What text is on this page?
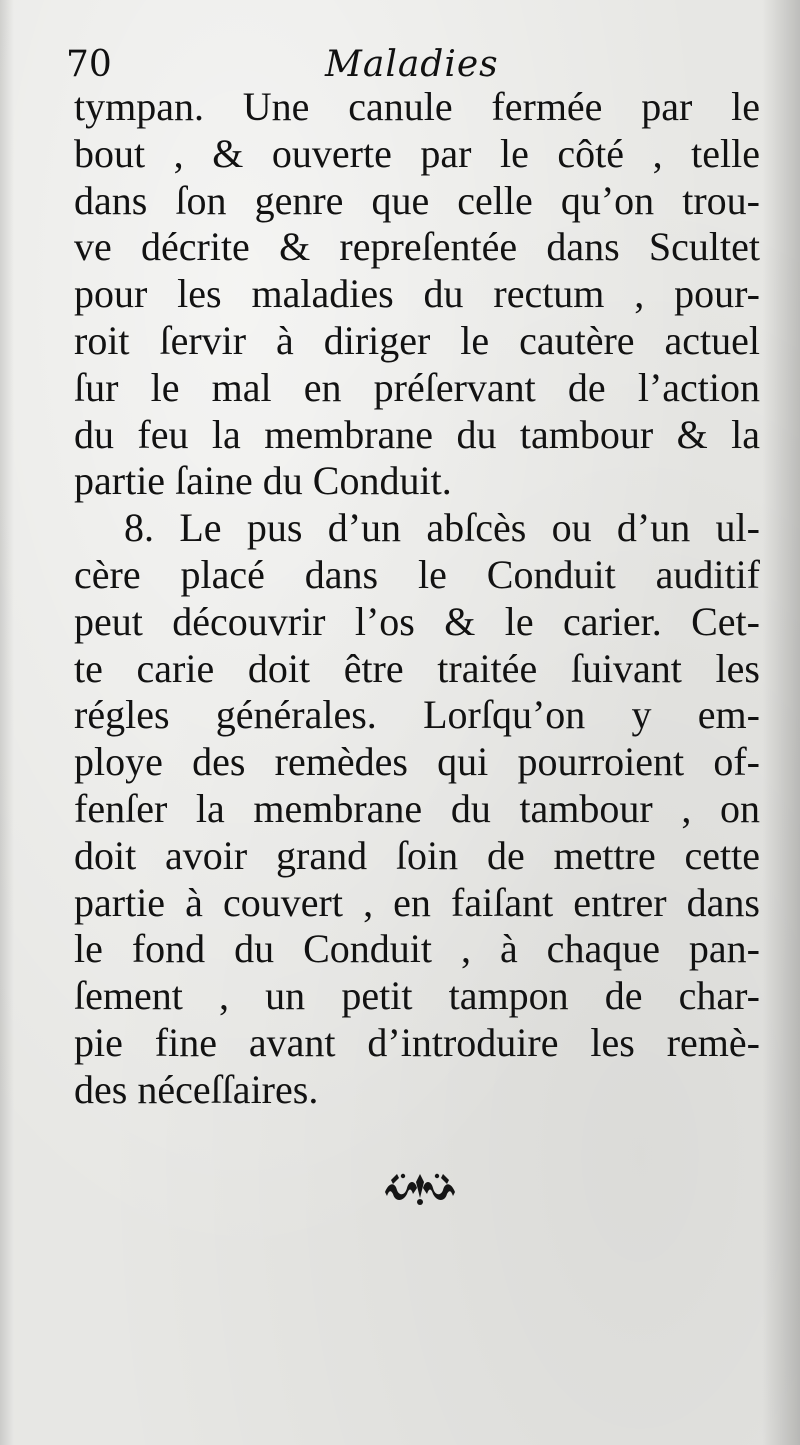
70	Maladies
tympan. Une canule fermée par le
bout , & ouverte par le côté , telle
dans ſon genre que celle qu’on trou-
ve décrite & repreſentée dans Scultet
pour les maladies du rectum , pour-
roit ſervir à diriger le cautère actuel
ſur le mal en préſervant de l’action
du feu la membrane du tambour & la
partie ſaine du Conduit.
8. Le pus d’un abſcès ou d’un ul-
cère placé dans le Conduit auditif
peut découvrir l’os & le carier. Cet-
te carie doit être traitée ſuivant les
régles générales. Lorſqu’on y em-
ploye des remèdes qui pourroient of-
fenſer la membrane du tambour , on
doit avoir grand ſoin de mettre cette
partie à couvert , en faiſant entrer dans
le fond du Conduit , à chaque pan-
ſement , un petit tampon de char-
pie fine avant d’introduire les remè-
des néceſſaires.
